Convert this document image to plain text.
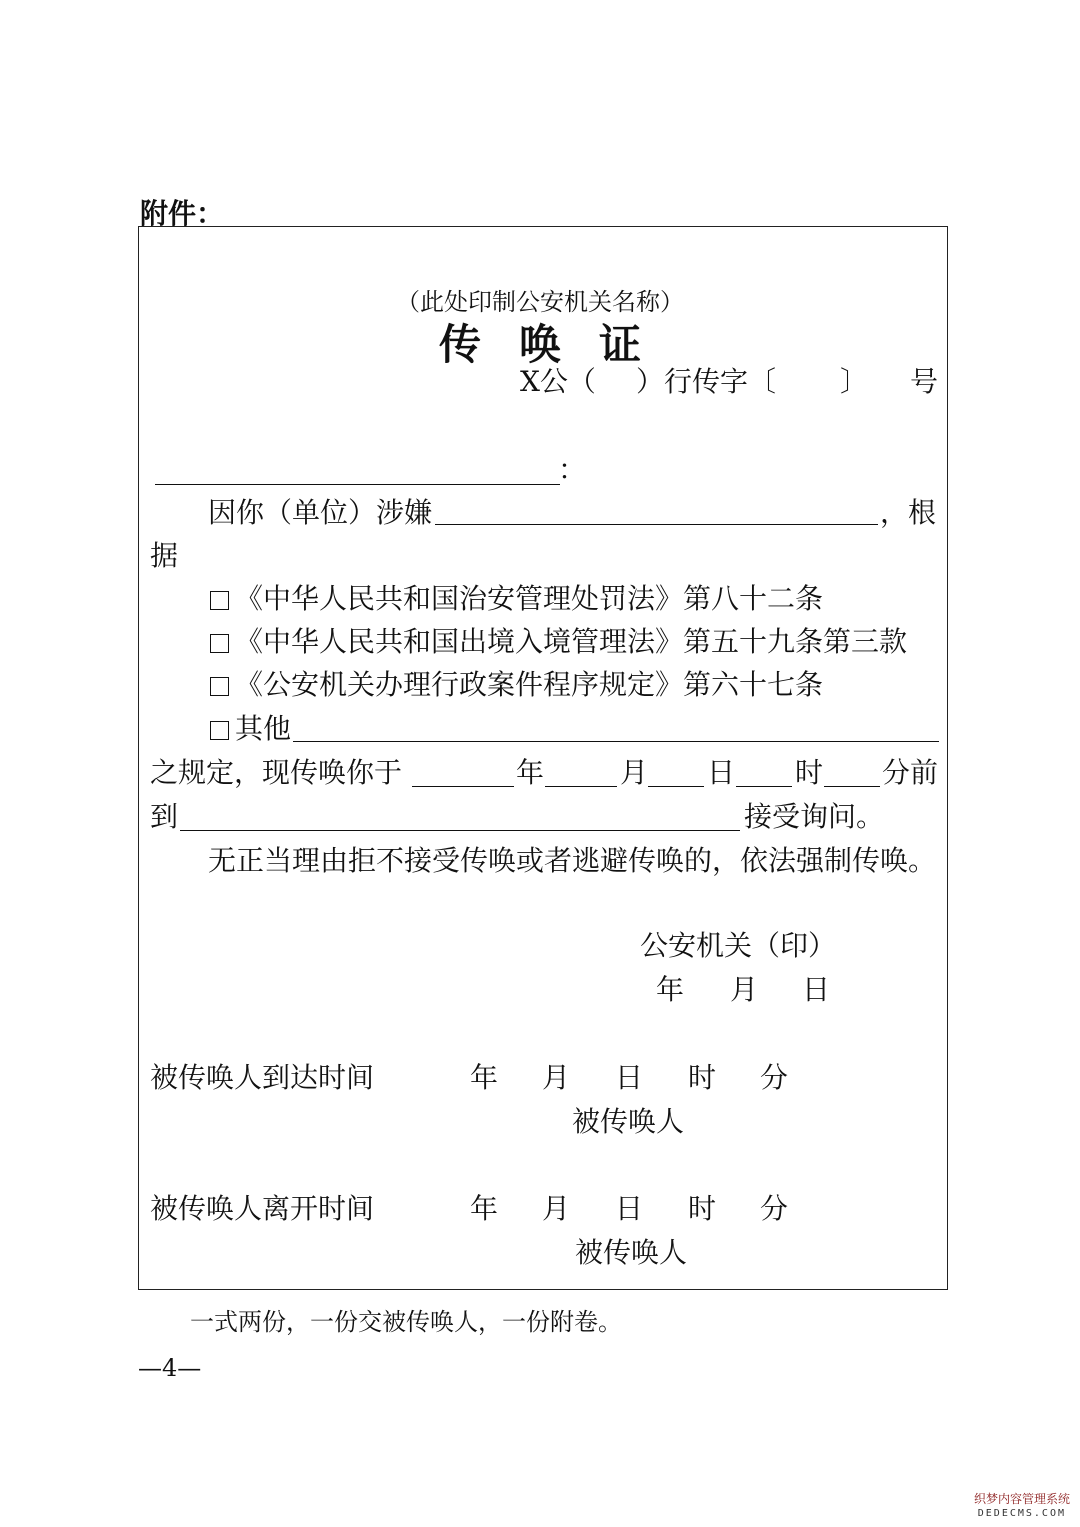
附件：
（此处印制公安机关名称）
传唤证
X公（ ）行传字〔 〕 号
：
因你（单位）涉嫌	，根
据
《中华人民共和国治安管理处罚法》第八十二条
《中华人民共和国出境入境管理法》第五十九条第三款
《公安机关办理行政案件程序规定》第六十七条
其他
之规定，现传唤你于	年	月 日 时 分前
到	接受询问。
无正当理由拒不接受传唤或者逃避传唤的，依法强制传唤。
公安机关（印）
年 月 日
被传唤人到达时间	年 月 日 时 分
被传唤人
被传唤人离开时间	年 月 日 时 分
被传唤人
一式两份，一份交被传唤人，一份附卷。
—4—
织梦内容管理系统
DEDECMS.COM
